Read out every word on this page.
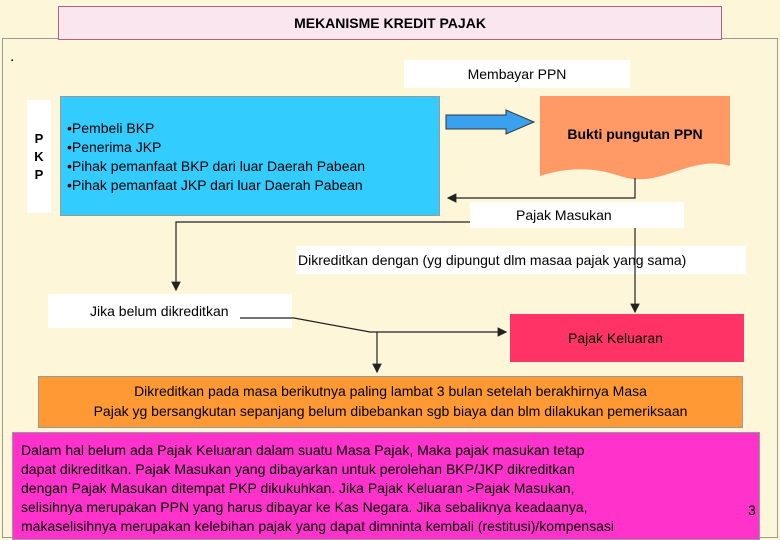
MEKANISME KREDIT PAJAK
.
P
K
P
•Pembeli BKP
•Penerima JKP
•Pihak pemanfaat BKP dari luar Daerah Pabean
•Pihak pemanfaat JKP dari luar Daerah Pabean
Membayar PPN
Bukti pungutan PPN
Pajak Masukan
Dikreditkan dengan (yg dipungut dlm masaa pajak yang sama)
Jika belum dikreditkan
Pajak Keluaran
Dikreditkan pada masa berikutnya paling lambat 3 bulan setelah berakhirnya Masa
Pajak yg bersangkutan sepanjang belum dibebankan sgb biaya dan blm dilakukan pemeriksaan
Dalam hal belum ada Pajak Keluaran dalam suatu Masa Pajak, Maka pajak masukan tetap
dapat dikreditkan. Pajak Masukan yang dibayarkan untuk perolehan BKP/JKP dikreditkan
dengan Pajak Masukan ditempat PKP dikukuhkan. Jika Pajak Keluaran >Pajak Masukan,
selisihnya merupakan PPN yang harus dibayar ke Kas Negara. Jika sebaliknya keadaanya,
makaselisihnya merupakan kelebihan pajak yang dapat dimninta kembali (restitusi)/kompensasi
3
